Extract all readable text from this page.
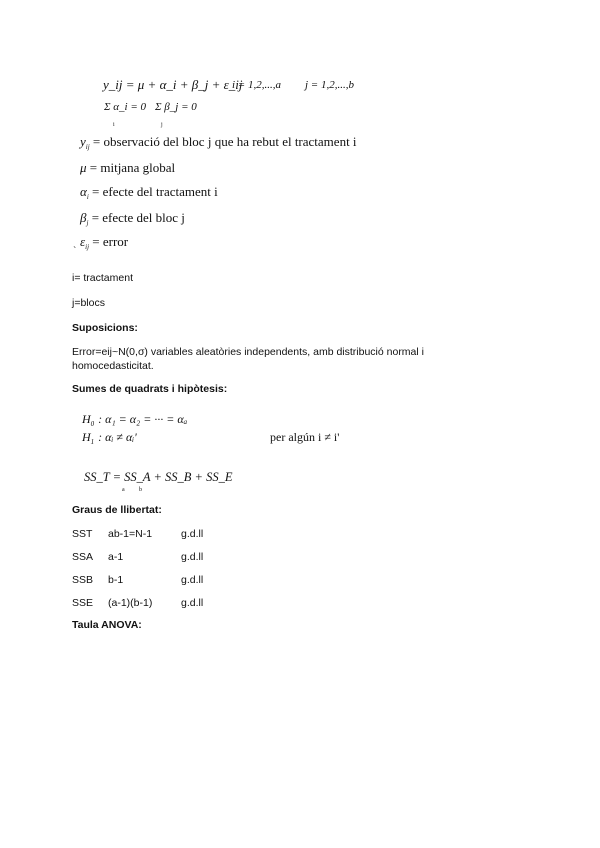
y_ij = μ + α_i + β_j + ε_ij
i = 1,2,...,a j = 1,2,...,b
Σ α_i = 0
i
Σ β_j = 0
j
$y_{ij}$ = observació del bloc j que ha rebut el tractament i
μ = mitjana global
$\alpha_i$ = efecte del tractament i
$\beta_j$ = efecte del bloc j
$\varepsilon_{ij}$ = error
`
i= tractament
j=blocs
Suposicions:
Error=eij~N(0,σ) variables aleatòries independents, amb distribució normal i
homocedasticitat.
Sumes de quadrats i hipòtesis:
$H_0$ : α₁ = α₂ = ··· = αₐ
$H_1$ : αᵢ ≠ αᵢ'	per algún i ≠ i'
SS_T = SS_A + SS_B + SS_E
a b
Graus de llibertat:
SST ab-1=N-1	g.d.ll
SSA a-1	g.d.ll
SSB b-1	g.d.ll
SSE (a-1)(b-1)	g.d.ll
Taula ANOVA:
